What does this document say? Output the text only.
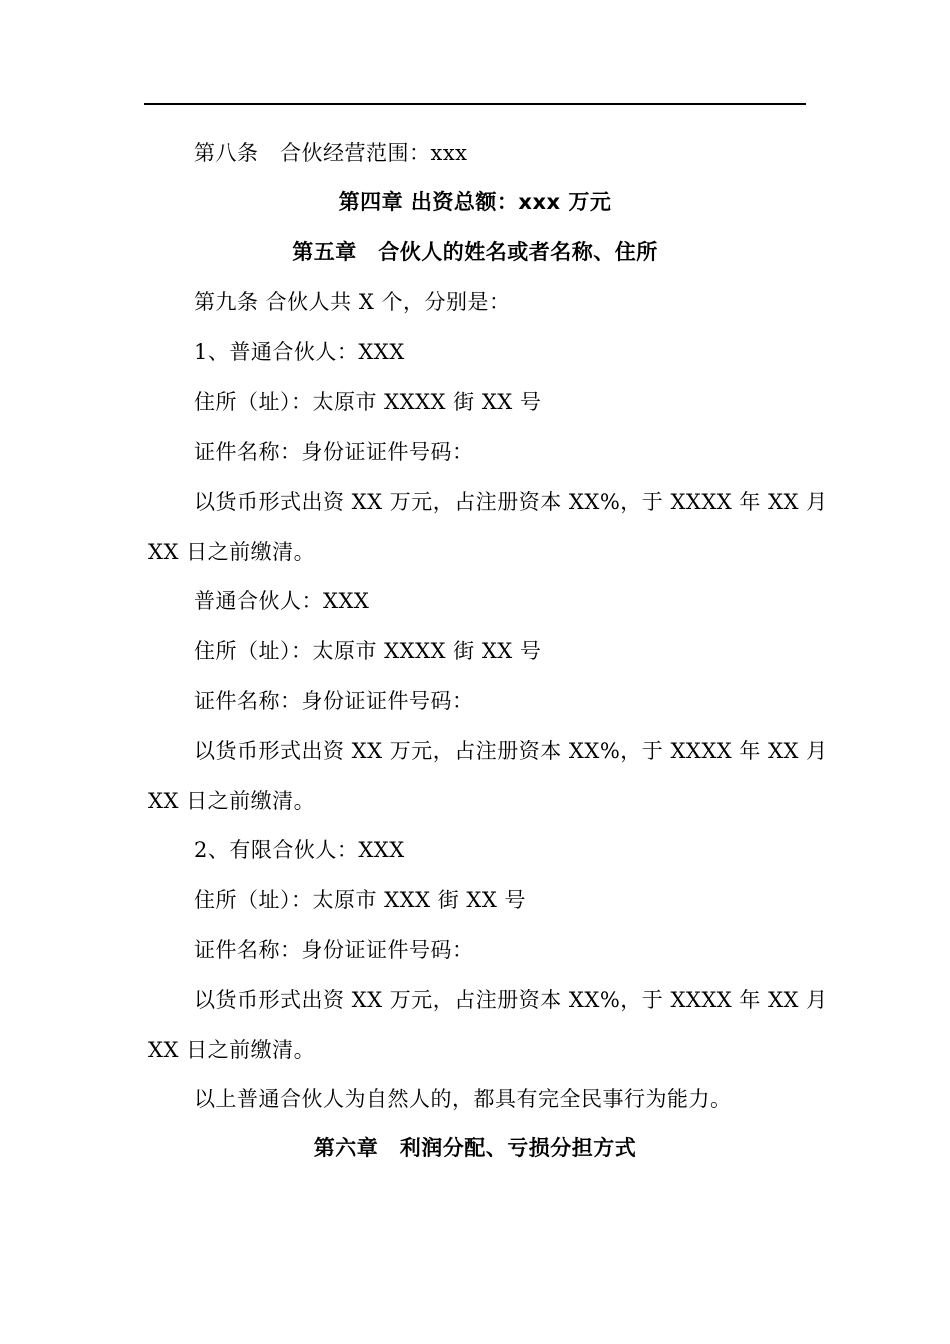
第八条　合伙经营范围：xxx
第四章 出资总额：xxx 万元
第五章　合伙人的姓名或者名称、住所
第九条 合伙人共 X 个，分别是：
1、普通合伙人：XXX
住所（址）：太原市 XXXX 街 XX 号
证件名称：身份证证件号码：
以货币形式出资 XX 万元，占注册资本 XX%，于 XXXX 年 XX 月
XX 日之前缴清。
普通合伙人：XXX
住所（址）：太原市 XXXX 街 XX 号
证件名称：身份证证件号码：
以货币形式出资 XX 万元，占注册资本 XX%，于 XXXX 年 XX 月
XX 日之前缴清。
2、有限合伙人：XXX
住所（址）：太原市 XXX 街 XX 号
证件名称：身份证证件号码：
以货币形式出资 XX 万元，占注册资本 XX%，于 XXXX 年 XX 月
XX 日之前缴清。
以上普通合伙人为自然人的，都具有完全民事行为能力。
第六章　利润分配、亏损分担方式
